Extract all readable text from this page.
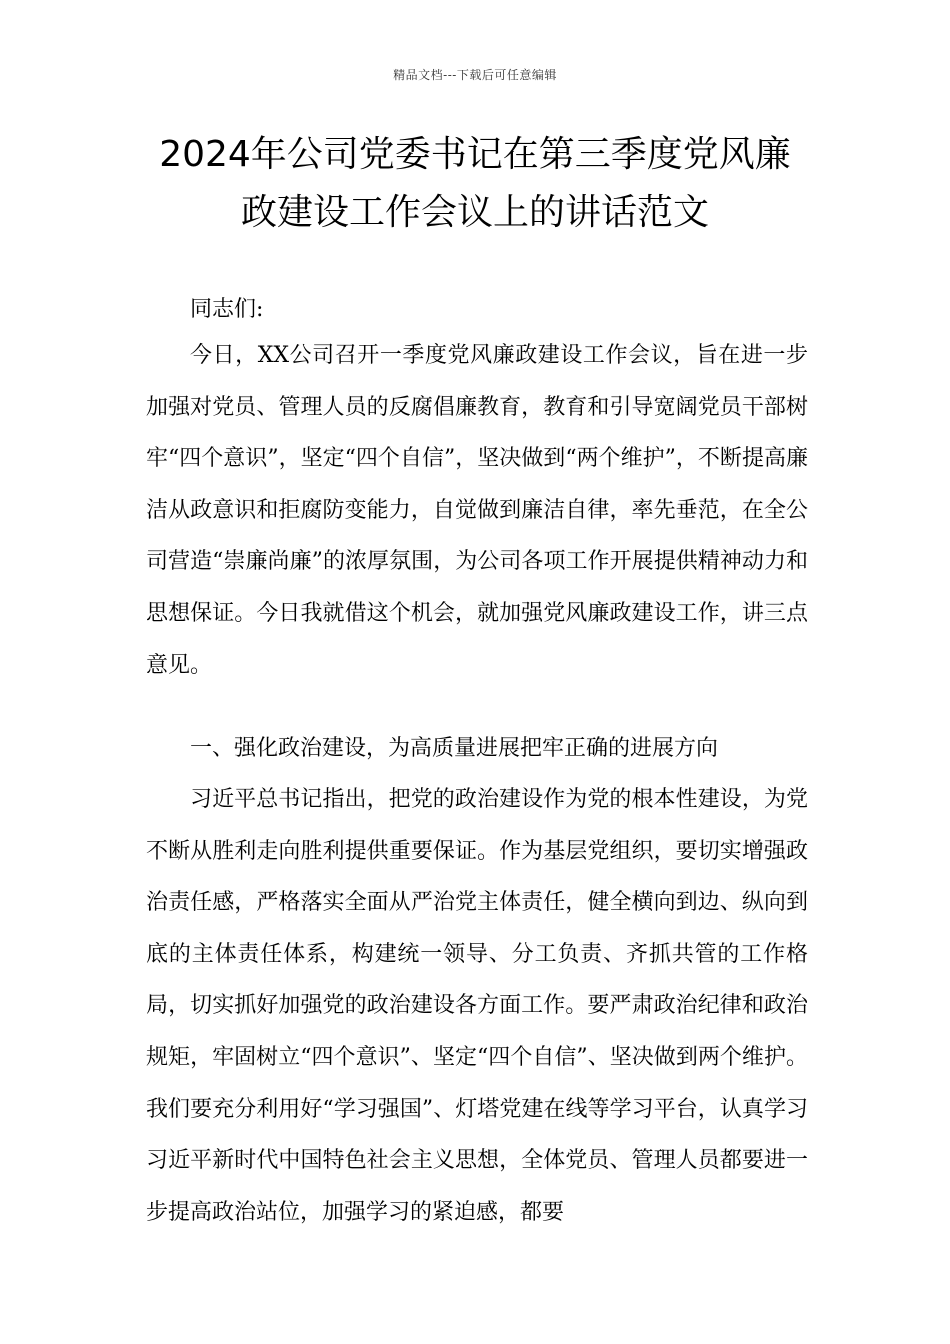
精品文档---下载后可任意编辑
2024年公司党委书记在第三季度党风廉
政建设工作会议上的讲话范文

同志们:

今日，XX公司召开一季度党风廉政建设工作会议，旨在进一步加强对党员、管理人员的反腐倡廉教育，教育和引导宽阔党员干部树牢“四个意识”，坚定“四个自信”，坚决做到“两个维护”，不断提高廉洁从政意识和拒腐防变能力，自觉做到廉洁自律，率先垂范，在全公司营造“崇廉尚廉”的浓厚氛围，为公司各项工作开展提供精神动力和思想保证。今日我就借这个机会，就加强党风廉政建设工作，讲三点意见。

一、强化政治建设，为高质量进展把牢正确的进展方向

习近平总书记指出，把党的政治建设作为党的根本性建设，为党不断从胜利走向胜利提供重要保证。作为基层党组织，要切实增强政治责任感，严格落实全面从严治党主体责任，健全横向到边、纵向到底的主体责任体系，构建统一领导、分工负责、齐抓共管的工作格局，切实抓好加强党的政治建设各方面工作。要严肃政治纪律和政治规矩，牢固树立“四个意识”、坚定“四个自信”、坚决做到两个维护。我们要充分利用好“学习强国”、灯塔党建在线等学习平台，认真学习习近平新时代中国特色社会主义思想，全体党员、管理人员都要进一步提高政治站位，加强学习的紧迫感，都要
